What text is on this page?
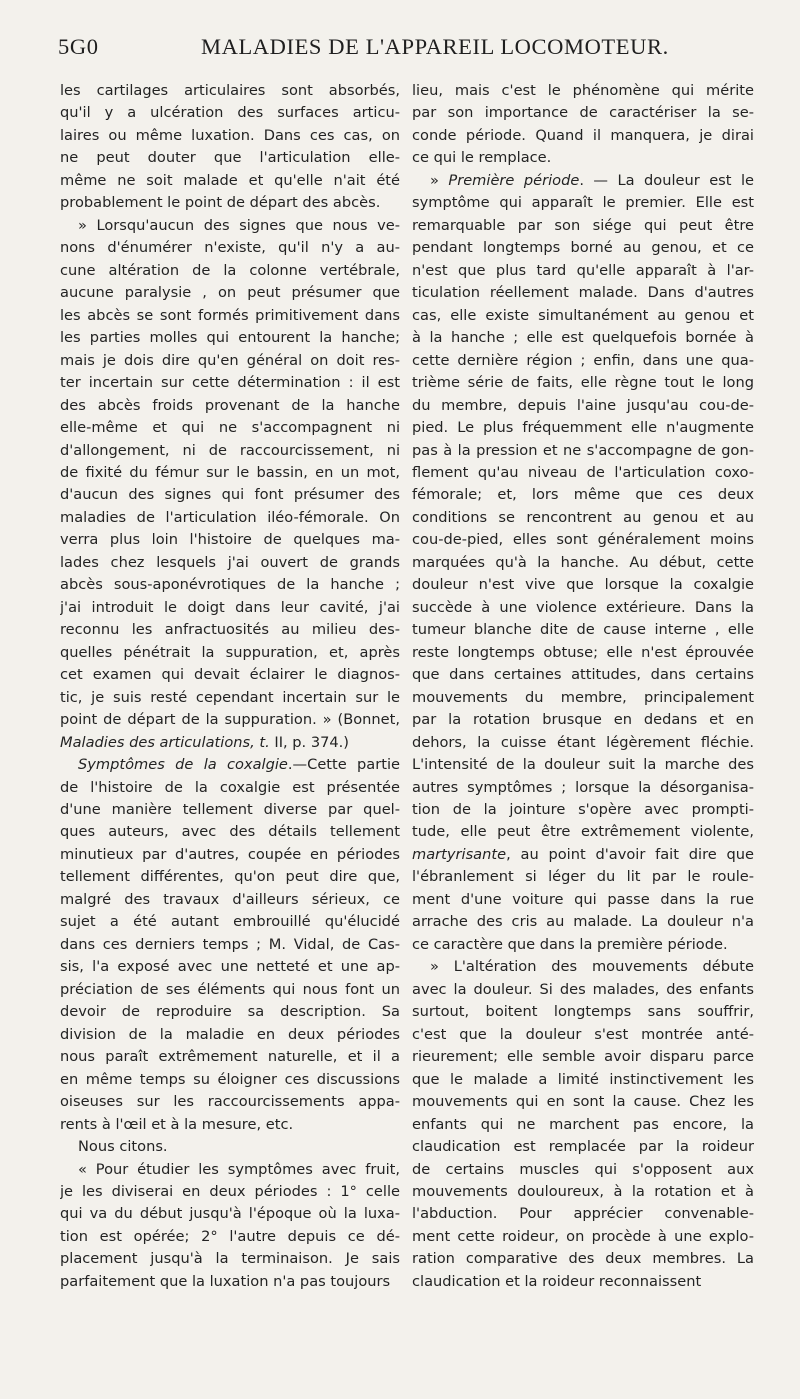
5G0	MALADIES DE L'APPAREIL LOCOMOTEUR.
les cartilages articulaires sont absorbés,
qu'il y a ulcération des surfaces articu-
laires ou même luxation. Dans ces cas, on
ne peut douter que l'articulation elle-
même ne soit malade et qu'elle n'ait été
probablement le point de départ des abcès.
» Lorsqu'aucun des signes que nous ve-
nons d'énumérer n'existe, qu'il n'y a au-
cune altération de la colonne vertébrale,
aucune paralysie , on peut présumer que
les abcès se sont formés primitivement dans
les parties molles qui entourent la hanche;
mais je dois dire qu'en général on doit res-
ter incertain sur cette détermination : il est
des abcès froids provenant de la hanche
elle-même et qui ne s'accompagnent ni
d'allongement, ni de raccourcissement, ni
de fixité du fémur sur le bassin, en un mot,
d'aucun des signes qui font présumer des
maladies de l'articulation iléo-fémorale. On
verra plus loin l'histoire de quelques ma-
lades chez lesquels j'ai ouvert de grands
abcès sous-aponévrotiques de la hanche ;
j'ai introduit le doigt dans leur cavité, j'ai
reconnu les anfractuosités au milieu des-
quelles pénétrait la suppuration, et, après
cet examen qui devait éclairer le diagnos-
tic, je suis resté cependant incertain sur le
point de départ de la suppuration. » (Bonnet,
Maladies des articulations, t. II, p. 374.)
Symptômes de la coxalgie.—Cette partie
de l'histoire de la coxalgie est présentée
d'une manière tellement diverse par quel-
ques auteurs, avec des détails tellement
minutieux par d'autres, coupée en périodes
tellement différentes, qu'on peut dire que,
malgré des travaux d'ailleurs sérieux, ce
sujet a été autant embrouillé qu'élucidé
dans ces derniers temps ; M. Vidal, de Cas-
sis, l'a exposé avec une netteté et une ap-
préciation de ses éléments qui nous font un
devoir de reproduire sa description. Sa
division de la maladie en deux périodes
nous paraît extrêmement naturelle, et il a
en même temps su éloigner ces discussions
oiseuses sur les raccourcissements appa-
rents à l'œil et à la mesure, etc.
Nous citons.
« Pour étudier les symptômes avec fruit,
je les diviserai en deux périodes : 1° celle
qui va du début jusqu'à l'époque où la luxa-
tion est opérée; 2° l'autre depuis ce dé-
placement jusqu'à la terminaison. Je sais
parfaitement que la luxation n'a pas toujours
lieu, mais c'est le phénomène qui mérite
par son importance de caractériser la se-
conde période. Quand il manquera, je dirai
ce qui le remplace.
» Première période. — La douleur est le
symptôme qui apparaît le premier. Elle est
remarquable par son siége qui peut être
pendant longtemps borné au genou, et ce
n'est que plus tard qu'elle apparaît à l'ar-
ticulation réellement malade. Dans d'autres
cas, elle existe simultanément au genou et
à la hanche ; elle est quelquefois bornée à
cette dernière région ; enfin, dans une qua-
trième série de faits, elle règne tout le long
du membre, depuis l'aine jusqu'au cou-de-
pied. Le plus fréquemment elle n'augmente
pas à la pression et ne s'accompagne de gon-
flement qu'au niveau de l'articulation coxo-
fémorale; et, lors même que ces deux
conditions se rencontrent au genou et au
cou-de-pied, elles sont généralement moins
marquées qu'à la hanche. Au début, cette
douleur n'est vive que lorsque la coxalgie
succède à une violence extérieure. Dans la
tumeur blanche dite de cause interne , elle
reste longtemps obtuse; elle n'est éprouvée
que dans certaines attitudes, dans certains
mouvements du membre, principalement
par la rotation brusque en dedans et en
dehors, la cuisse étant légèrement fléchie.
L'intensité de la douleur suit la marche des
autres symptômes ; lorsque la désorganisa-
tion de la jointure s'opère avec prompti-
tude, elle peut être extrêmement violente,
martyrisante, au point d'avoir fait dire que
l'ébranlement si léger du lit par le roule-
ment d'une voiture qui passe dans la rue
arrache des cris au malade. La douleur n'a
ce caractère que dans la première période.
» L'altération des mouvements débute
avec la douleur. Si des malades, des enfants
surtout, boitent longtemps sans souffrir,
c'est que la douleur s'est montrée anté-
rieurement; elle semble avoir disparu parce
que le malade a limité instinctivement les
mouvements qui en sont la cause. Chez les
enfants qui ne marchent pas encore, la
claudication est remplacée par la roideur
de certains muscles qui s'opposent aux
mouvements douloureux, à la rotation et à
l'abduction. Pour apprécier convenable-
ment cette roideur, on procède à une explo-
ration comparative des deux membres. La
claudication et la roideur reconnaissent
